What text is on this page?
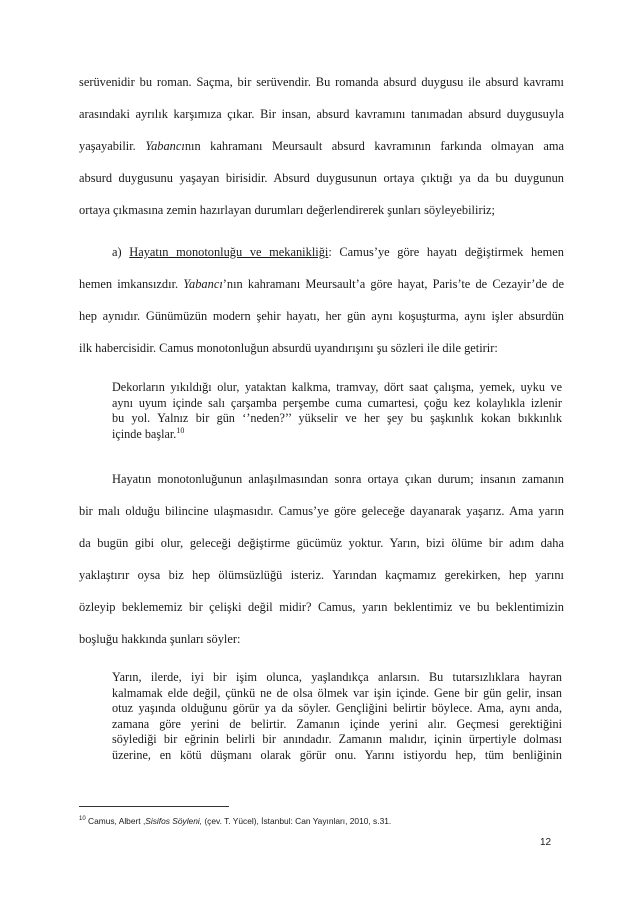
serüvenidir bu roman. Saçma, bir serüvendir. Bu romanda absurd duygusu ile absurd kavramı
arasındaki ayrılık karşımıza çıkar. Bir insan, absurd kavramını tanımadan absurd duygusuyla
yaşayabilir. Yabancının kahramanı Meursault absurd kavramının farkında olmayan ama
absurd duygusunu yaşayan birisidir. Absurd duygusunun ortaya çıktığı ya da bu duygunun
ortaya çıkmasına zemin hazırlayan durumları değerlendirerek şunları söyleyebiliriz;
a) Hayatın monotonluğu ve mekanikliği: Camus’ye göre hayatı değiştirmek hemen
hemen imkansızdır. Yabancı’nın kahramanı Meursault’a göre hayat, Paris’te de Cezayir’de de
hep aynıdır. Günümüzün modern şehir hayatı, her gün aynı koşuşturma, aynı işler absurdün
ilk habercisidir. Camus monotonluğun absurdü uyandırışını şu sözleri ile dile getirir:
Dekorların yıkıldığı olur, yataktan kalkma, tramvay, dört saat çalışma, yemek, uyku ve
aynı uyum içinde salı çarşamba perşembe cuma cumartesi, çoğu kez kolaylıkla izlenir
bu yol. Yalnız bir gün ‘’neden?’’ yükselir ve her şey bu şaşkınlık kokan bıkkınlık
içinde başlar.$^{10}$
Hayatın monotonluğunun anlaşılmasından sonra ortaya çıkan durum; insanın zamanın
bir malı olduğu bilincine ulaşmasıdır. Camus’ye göre geleceğe dayanarak yaşarız. Ama yarın
da bugün gibi olur, geleceği değiştirme gücümüz yoktur. Yarın, bizi ölüme bir adım daha
yaklaştırır oysa biz hep ölümsüzlüğü isteriz. Yarından kaçmamız gerekirken, hep yarını
özleyip beklememiz bir çelişki değil midir? Camus, yarın beklentimiz ve bu beklentimizin
boşluğu hakkında şunları söyler:
Yarın, ilerde, iyi bir işim olunca, yaşlandıkça anlarsın. Bu tutarsızlıklara hayran
kalmamak elde değil, çünkü ne de olsa ölmek var işin içinde. Gene bir gün gelir, insan
otuz yaşında olduğunu görür ya da söyler. Gençliğini belirtir böylece. Ama, aynı anda,
zamana göre yerini de belirtir. Zamanın içinde yerini alır. Geçmesi gerektiğini
söylediği bir eğrinin belirli bir anındadır. Zamanın malıdır, içinin ürpertiyle dolması
üzerine, en kötü düşmanı olarak görür onu. Yarını istiyordu hep, tüm benliğinin
$^{10}$ Camus, Albert ,Sisifos Söyleni, (çev. T. Yücel), İstanbul: Can Yayınları, 2010, s.31.
12
